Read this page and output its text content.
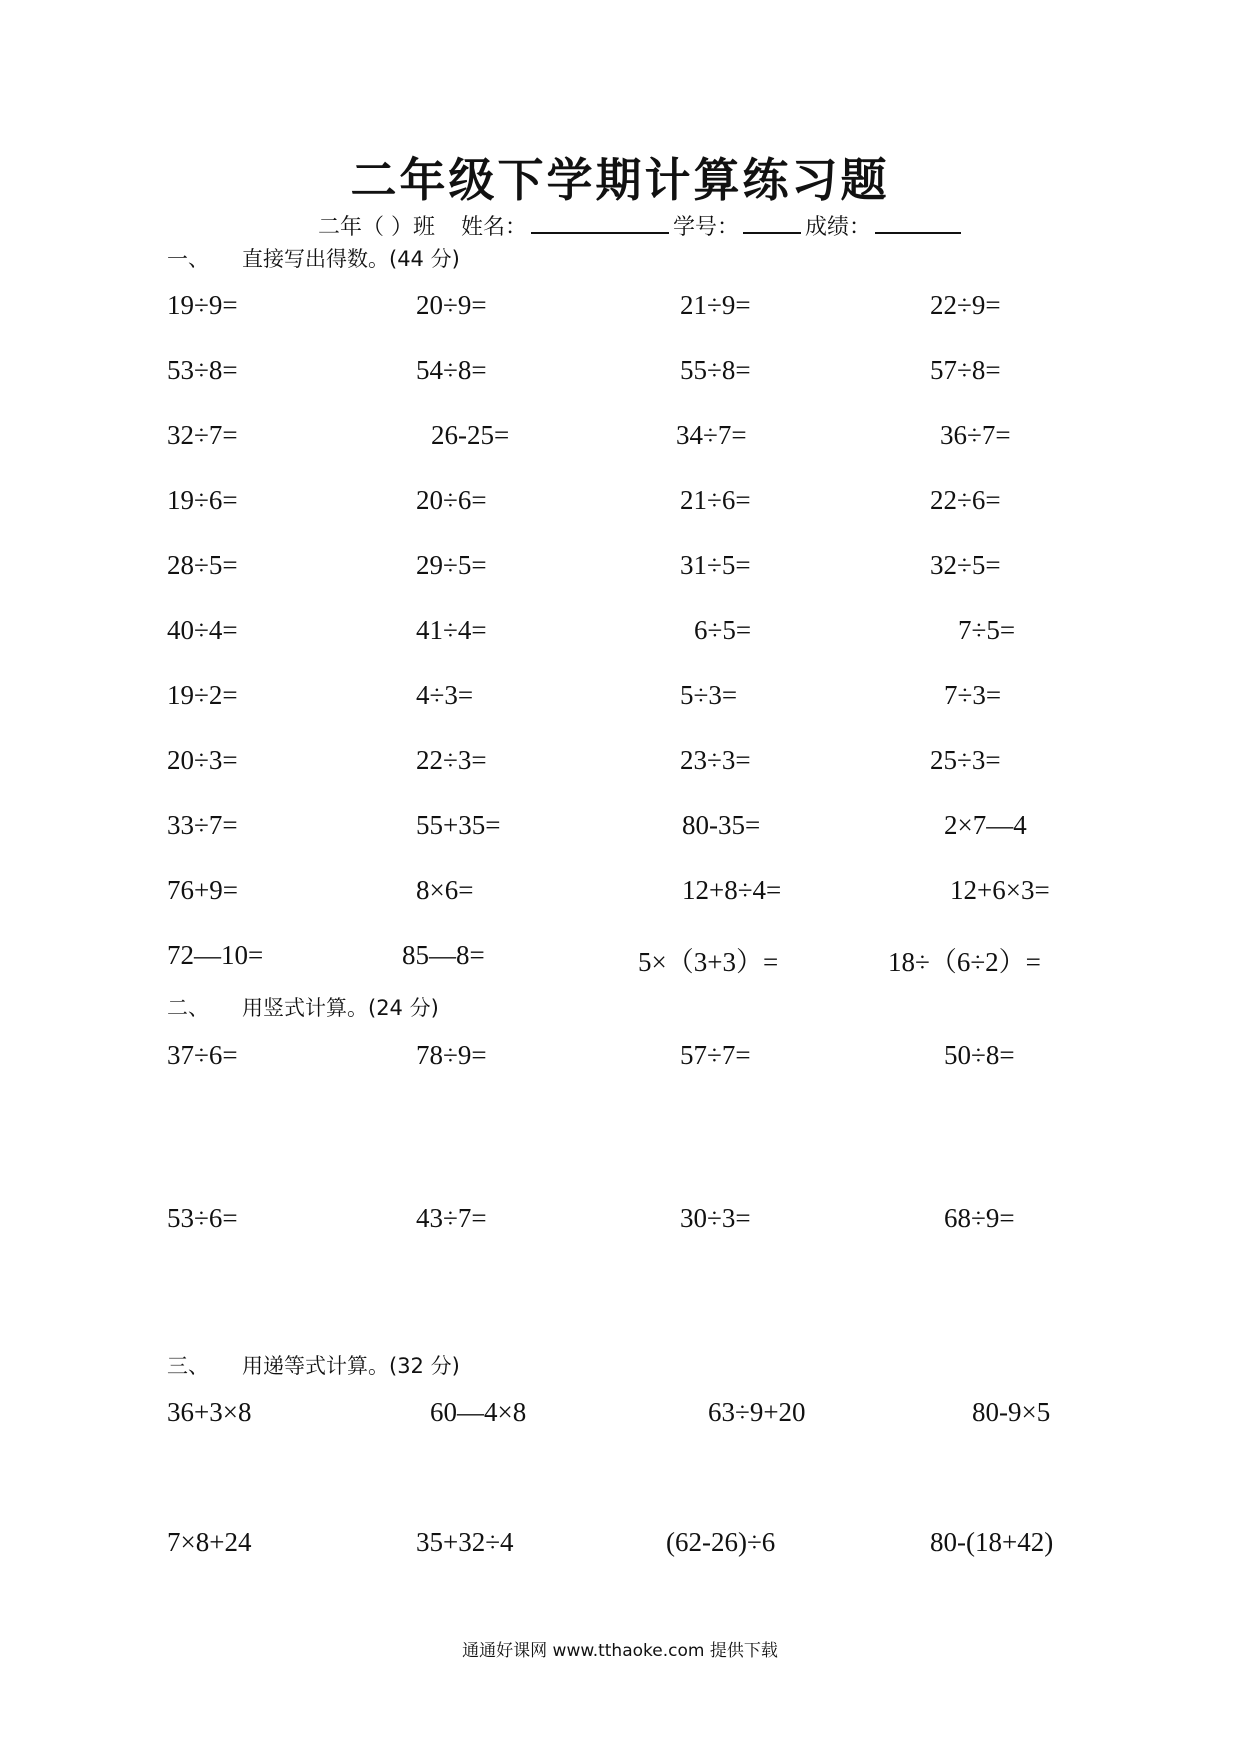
二年级下学期计算练习题
二年（ ）班 姓名：	学号：	成绩：
一、 直接写出得数。(44 分)
19÷9=	20÷9=	21÷9=	22÷9=
53÷8=	54÷8=	55÷8=	57÷8=
32÷7=	26-25=	34÷7=	36÷7=
19÷6=	20÷6=	21÷6=	22÷6=
28÷5=	29÷5=	31÷5=	32÷5=
40÷4=	41÷4=	6÷5=	7÷5=
19÷2=	4÷3=	5÷3=	7÷3=
20÷3=	22÷3=	23÷3=	25÷3=
33÷7=	55+35=	80-35=	2×7—4
76+9=	8×6=	12+8÷4=	12+6×3=
72—10=	85—8=	5×（3+3）=	18÷（6÷2）=
二、 用竖式计算。(24 分)
37÷6=	78÷9=	57÷7=	50÷8=
53÷6=	43÷7=	30÷3=	68÷9=
三、 用递等式计算。(32 分)
36+3×8	60—4×8	63÷9+20	80-9×5
7×8+24	35+32÷4	(62-26)÷6	80-(18+42)
通通好课网 www.tthaoke.com 提供下载
